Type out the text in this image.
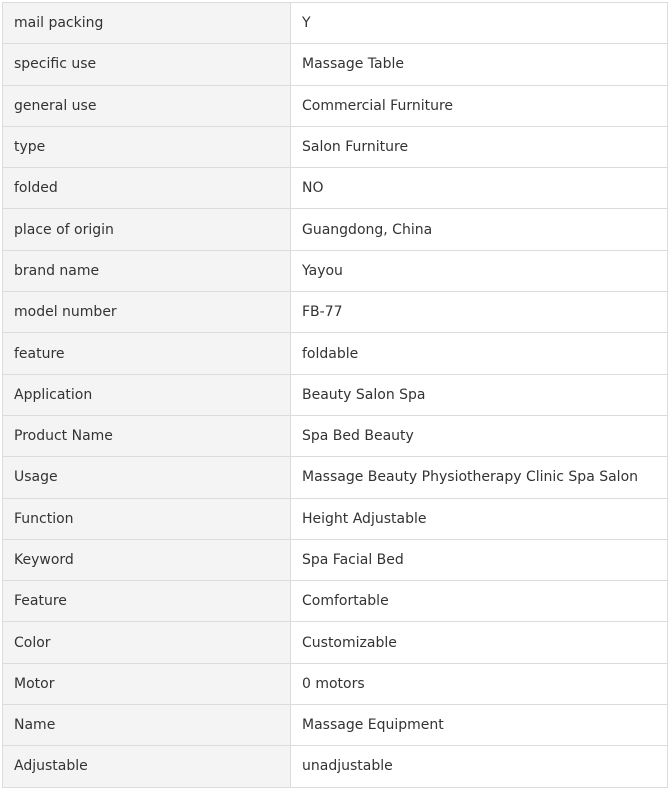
mail packing	Y
specific use	Massage Table
general use	Commercial Furniture
type	Salon Furniture
folded	NO
place of origin	Guangdong, China
brand name	Yayou
model number	FB-77
feature	foldable
Application	Beauty Salon Spa
Product Name	Spa Bed Beauty
Usage	Massage Beauty Physiotherapy Clinic Spa Salon
Function	Height Adjustable
Keyword	Spa Facial Bed
Feature	Comfortable
Color	Customizable
Motor	0 motors
Name	Massage Equipment
Adjustable	unadjustable
